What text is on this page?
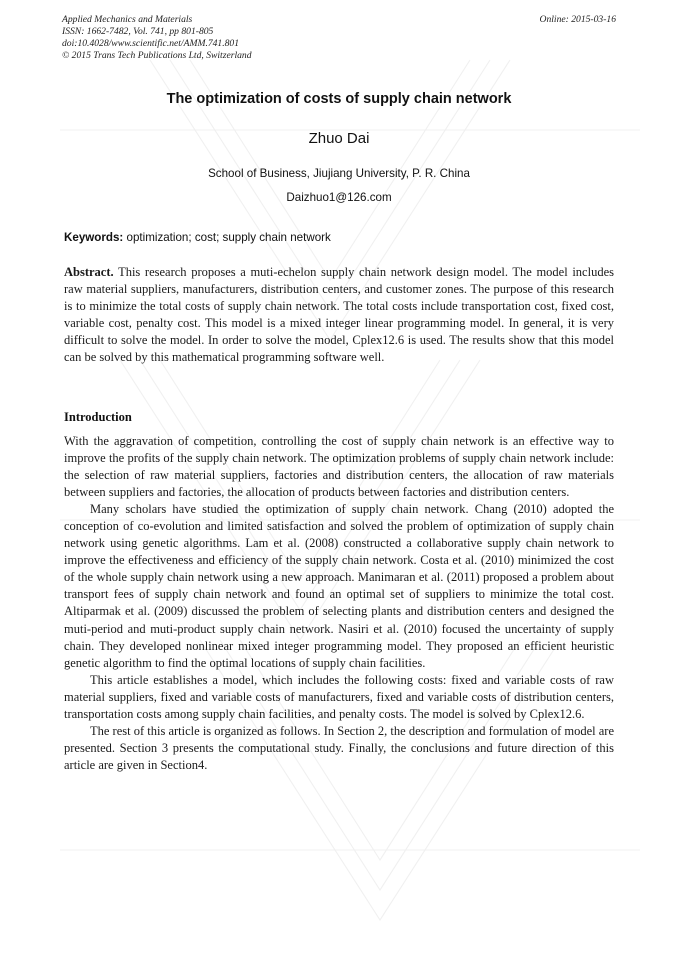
Applied Mechanics and Materials
ISSN: 1662-7482, Vol. 741, pp 801-805
doi:10.4028/www.scientific.net/AMM.741.801
© 2015 Trans Tech Publications Ltd, Switzerland
Online: 2015-03-16
The optimization of costs of supply chain network
Zhuo Dai
School of Business, Jiujiang University, P. R. China
Daizhuo1@126.com
Keywords: optimization; cost; supply chain network
Abstract. This research proposes a muti-echelon supply chain network design model. The model includes raw material suppliers, manufacturers, distribution centers, and customer zones. The purpose of this research is to minimize the total costs of supply chain network. The total costs include transportation cost, fixed cost, variable cost, penalty cost. This model is a mixed integer linear programming model. In general, it is very difficult to solve the model. In order to solve the model, Cplex12.6 is used. The results show that this model can be solved by this mathematical programming software well.
Introduction

With the aggravation of competition, controlling the cost of supply chain network is an effective way to improve the profits of the supply chain network. The optimization problems of supply chain network include: the selection of raw material suppliers, factories and distribution centers, the allocation of raw materials between suppliers and factories, the allocation of products between factories and distribution centers.

Many scholars have studied the optimization of supply chain network. Chang (2010) adopted the conception of co-evolution and limited satisfaction and solved the problem of optimization of supply chain network using genetic algorithms. Lam et al. (2008) constructed a collaborative supply chain network to improve the effectiveness and efficiency of the supply chain network. Costa et al. (2010) minimized the cost of the whole supply chain network using a new approach. Manimaran et al. (2011) proposed a problem about transport fees of supply chain network and found an optimal set of suppliers to minimize the total cost. Altiparmak et al. (2009) discussed the problem of selecting plants and distribution centers and designed the muti-period and muti-product supply chain network. Nasiri et al. (2010) focused the uncertainty of supply chain. They developed nonlinear mixed integer programming model. They proposed an efficient heuristic genetic algorithm to find the optimal locations of supply chain facilities.

This article establishes a model, which includes the following costs: fixed and variable costs of raw material suppliers, fixed and variable costs of manufacturers, fixed and variable costs of distribution centers, transportation costs among supply chain facilities, and penalty costs. The model is solved by Cplex12.6.

The rest of this article is organized as follows. In Section 2, the description and formulation of model are presented. Section 3 presents the computational study. Finally, the conclusions and future direction of this article are given in Section4.
